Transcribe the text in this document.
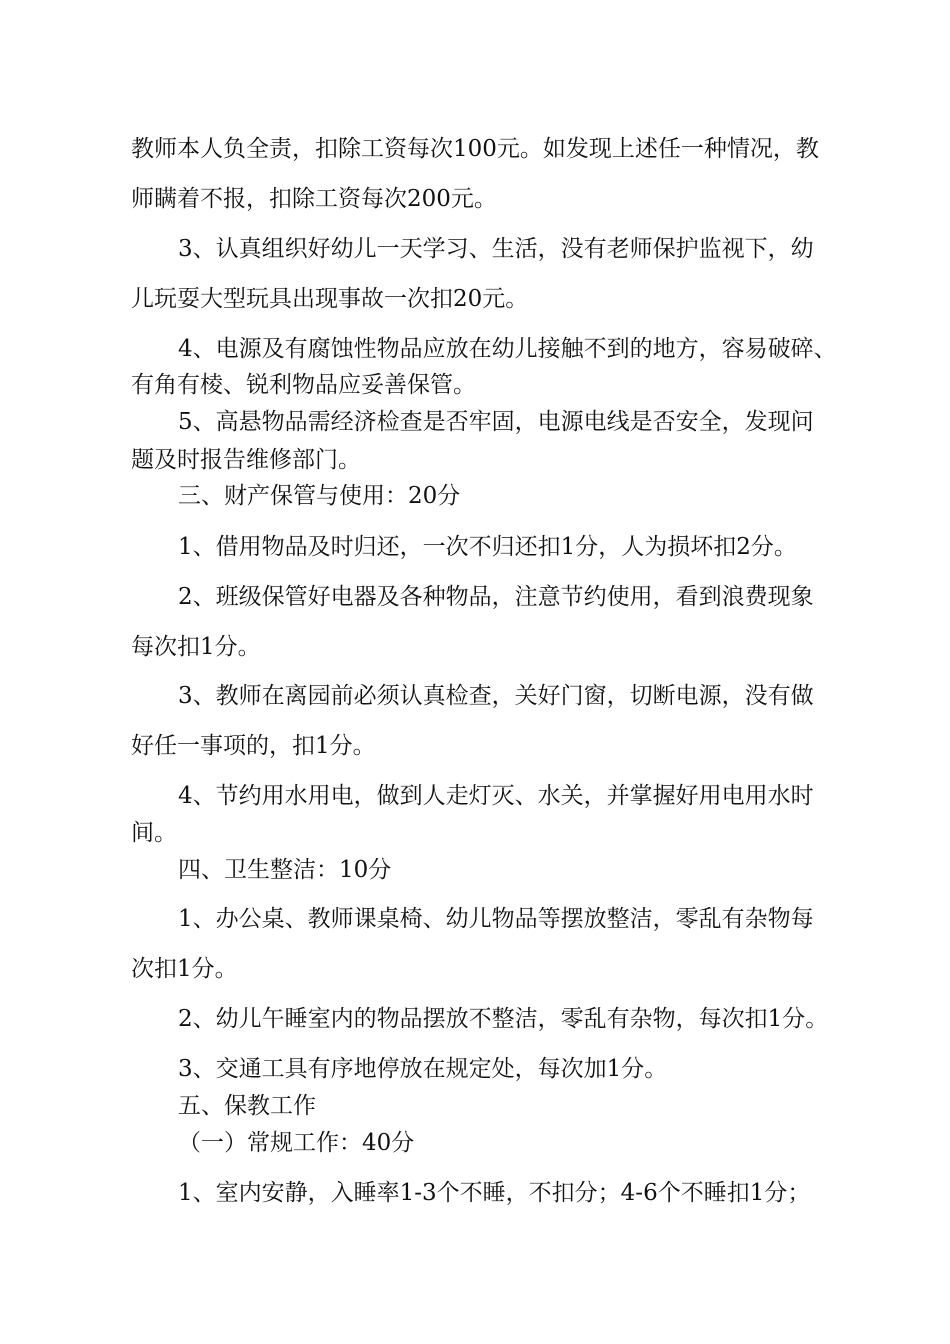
教师本人负全责，扣除工资每次100元。如发现上述任一种情况，教
师瞒着不报，扣除工资每次200元。
3、认真组织好幼儿一天学习、生活，没有老师保护监视下，幼
儿玩耍大型玩具出现事故一次扣20元。
4、电源及有腐蚀性物品应放在幼儿接触不到的地方，容易破碎、
有角有棱、锐利物品应妥善保管。
5、高悬物品需经济检查是否牢固，电源电线是否安全，发现问
题及时报告维修部门。
三、财产保管与使用：20分
1、借用物品及时归还，一次不归还扣1分，人为损坏扣2分。
2、班级保管好电器及各种物品，注意节约使用，看到浪费现象
每次扣1分。
3、教师在离园前必须认真检查，关好门窗，切断电源，没有做
好任一事项的，扣1分。
4、节约用水用电，做到人走灯灭、水关，并掌握好用电用水时
间。
四、卫生整洁：10分
1、办公桌、教师课桌椅、幼儿物品等摆放整洁，零乱有杂物每
次扣1分。
2、幼儿午睡室内的物品摆放不整洁，零乱有杂物，每次扣1分。
3、交通工具有序地停放在规定处，每次加1分。
五、保教工作
（一）常规工作：40分
1、室内安静，入睡率1-3个不睡，不扣分；4-6个不睡扣1分；
